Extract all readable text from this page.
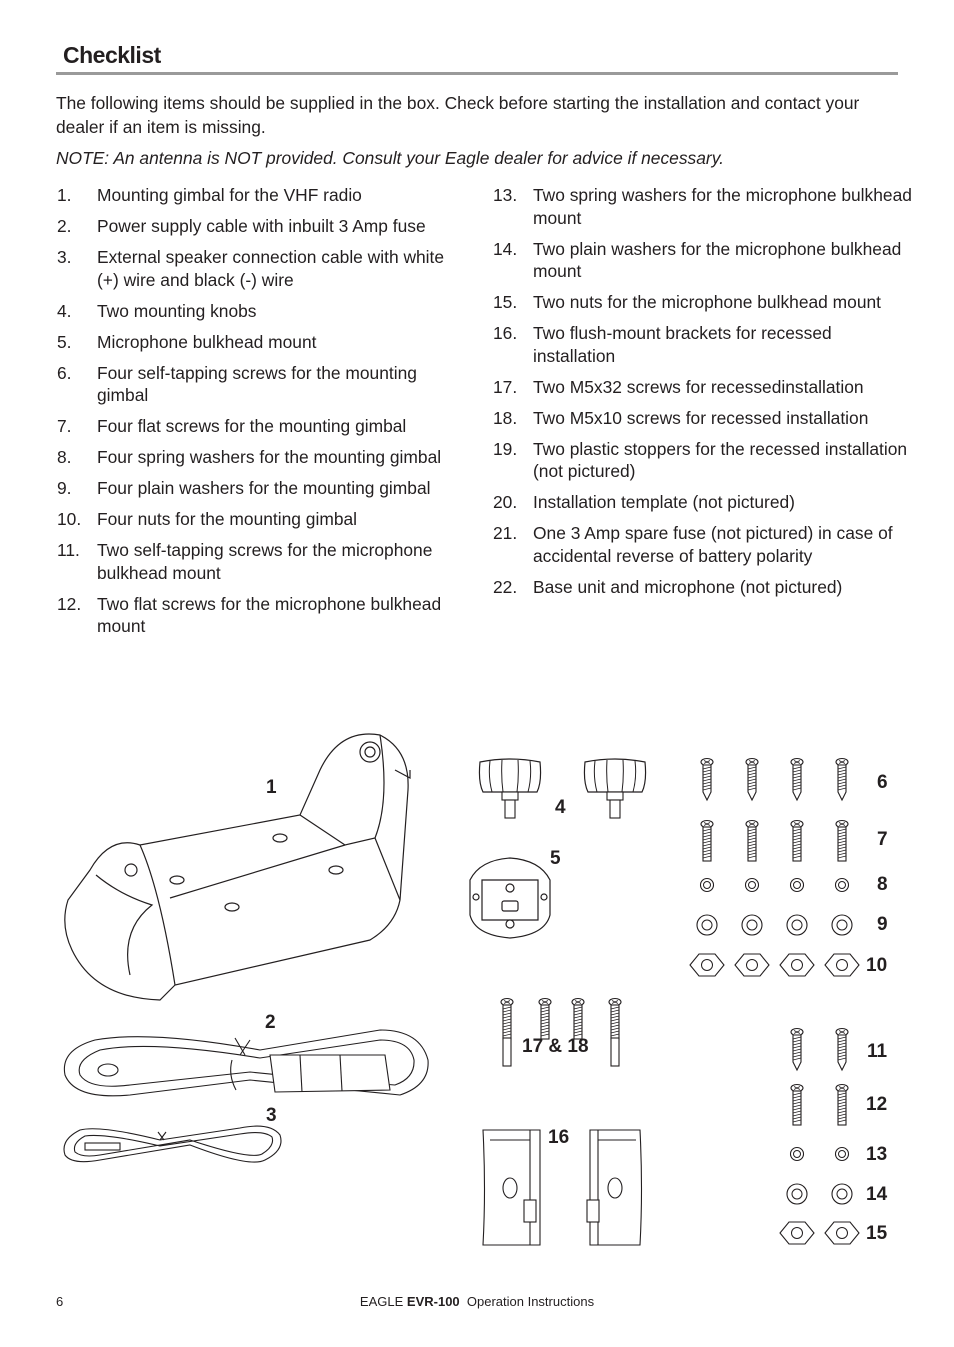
Checklist
The following items should be supplied in the box. Check before starting the installation and contact your dealer if an item is missing.
NOTE: An antenna is NOT provided. Consult your Eagle dealer for advice if necessary.
1. Mounting gimbal for the VHF radio
2. Power supply cable with inbuilt 3 Amp fuse
3. External speaker connection cable with white (+) wire and black (-) wire
4. Two mounting knobs
5. Microphone bulkhead mount
6. Four self-tapping screws for the mounting gimbal
7. Four flat screws for the mounting gimbal
8. Four spring washers for the mounting gimbal
9. Four plain washers for the mounting gimbal
10. Four nuts for the mounting gimbal
11. Two self-tapping screws for the microphone bulkhead mount
12. Two flat screws for the microphone bulkhead mount
13. Two spring washers for the microphone bulkhead mount
14. Two plain washers for the microphone bulkhead mount
15. Two nuts for the microphone bulkhead mount
16. Two flush-mount brackets for recessed installation
17. Two M5x32 screws for recessedinstallation
18. Two M5x10 screws for recessed installation
19. Two plastic stoppers for the recessed installation (not pictured)
20. Installation template (not pictured)
21. One 3 Amp spare fuse (not pictured) in case of accidental reverse of battery polarity
22. Base unit and microphone (not pictured)
1
2
3
4
5
6
7
8
9
10
17 & 18
16
11
12
13
14
15
6	EAGLE EVR-100 Operation Instructions
